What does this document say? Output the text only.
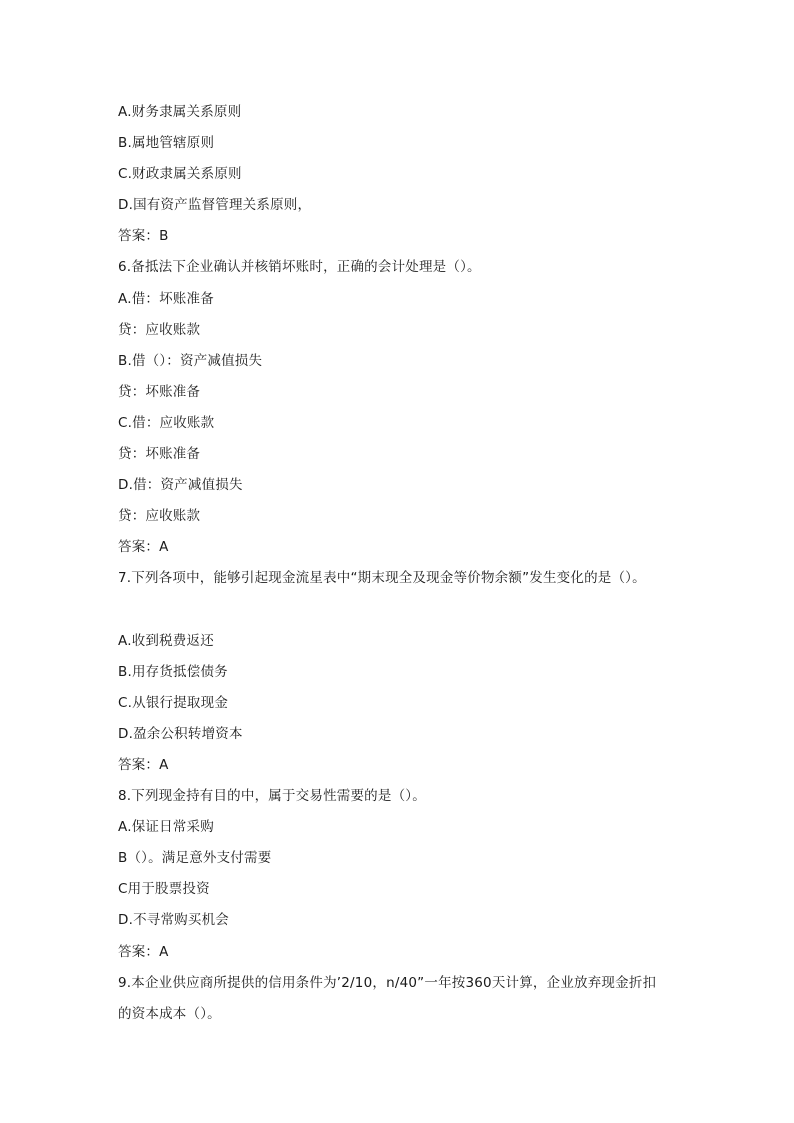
A.财务隶属关系原则
B.属地管辖原则
C.财政隶属关系原则
D.国有资产监督管理关系原则，
答案：B
6.备抵法下企业确认并核销坏账时，正确的会计处理是（）。
A.借：坏账准备
贷：应收账款
B.借（）：资产减值损失
贷：坏账准备
C.借：应收账款
贷：坏账准备
D.借：资产减值损失
贷：应收账款
答案：A
7.下列各项中，能够引起现金流星表中“期末现全及现金等价物余额”发生变化的是（）。
A.收到税费返还
B.用存货抵偿债务
C.从银行提取现金
D.盈余公积转增资本
答案：A
8.下列现金持有目的中，属于交易性需要的是（）。
A.保证日常采购
B（）。满足意外支付需要
C用于股票投资
D.不寻常购买机会
答案：A
9.本企业供应商所提供的信用条件为’2/10，n/40”一年按360天计算，企业放弃现金折扣
的资本成本（）。
